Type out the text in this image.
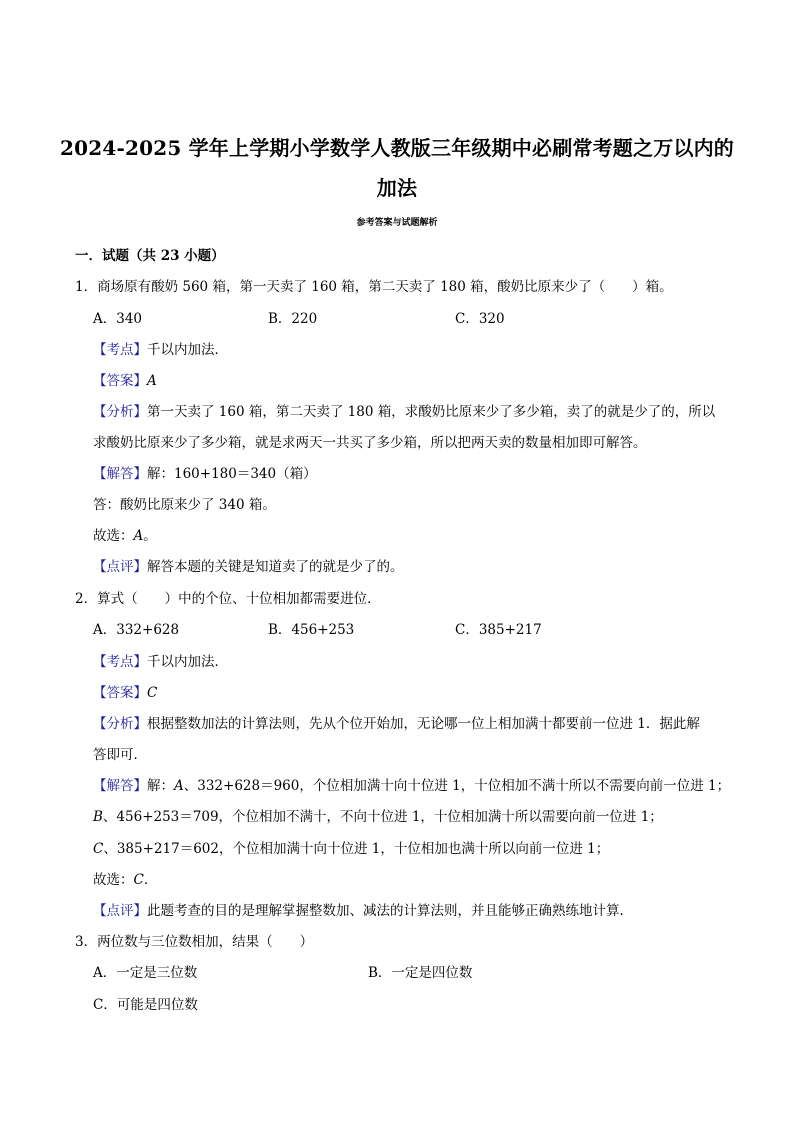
2024-2025 学年上学期小学数学人教版三年级期中必刷常考题之万以内的
加法
参考答案与试题解析
一．试题（共 23 小题）
1．商场原有酸奶 560 箱，第一天卖了 160 箱，第二天卖了 180 箱，酸奶比原来少了（　　）箱。
A．340	B．220	C．320
【考点】千以内加法．
【答案】A
【分析】第一天卖了 160 箱，第二天卖了 180 箱，求酸奶比原来少了多少箱，卖了的就是少了的，所以
求酸奶比原来少了多少箱，就是求两天一共买了多少箱，所以把两天卖的数量相加即可解答。
【解答】解：160+180＝340（箱）
答：酸奶比原来少了 340 箱。
故选：A。
【点评】解答本题的关键是知道卖了的就是少了的。
2．算式（　　）中的个位、十位相加都需要进位．
A．332+628	B．456+253	C．385+217
【考点】千以内加法．
【答案】C
【分析】根据整数加法的计算法则，先从个位开始加，无论哪一位上相加满十都要前一位进 1．据此解
答即可．
【解答】解：A、332+628＝960，个位相加满十向十位进 1，十位相加不满十所以不需要向前一位进 1；
B、456+253＝709，个位相加不满十，不向十位进 1，十位相加满十所以需要向前一位进 1；
C、385+217＝602，个位相加满十向十位进 1，十位相加也满十所以向前一位进 1；
故选：C．
【点评】此题考查的目的是理解掌握整数加、减法的计算法则，并且能够正确熟练地计算．
3．两位数与三位数相加，结果（　　）
A．一定是三位数	B．一定是四位数
C．可能是四位数
